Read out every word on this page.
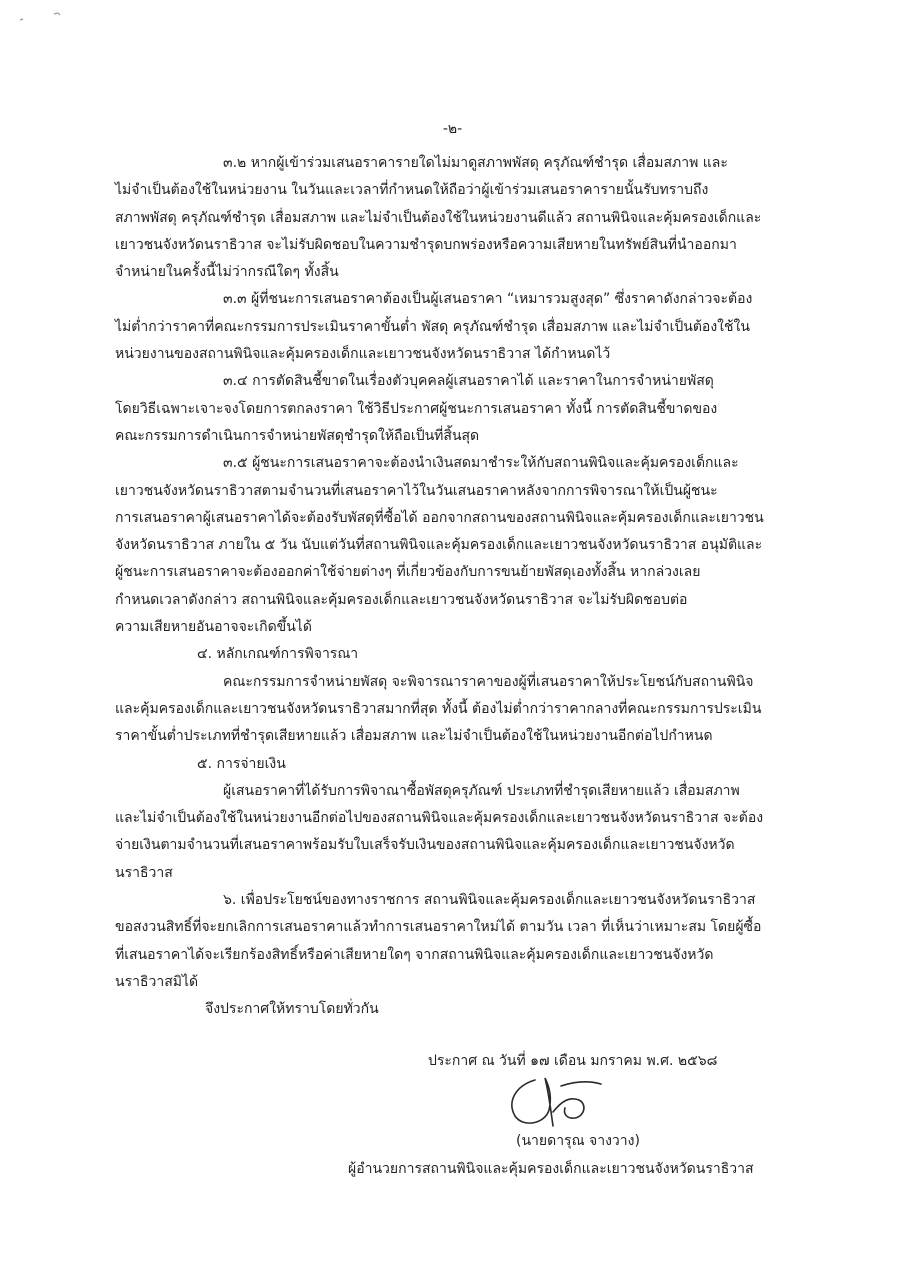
-๒-
๓.๒ หากผู้เข้าร่วมเสนอราคารายใดไม่มาดูสภาพพัสดุ ครุภัณฑ์ชำรุด เสื่อมสภาพ และ
ไม่จำเป็นต้องใช้ในหน่วยงาน ในวันและเวลาที่กำหนดให้ถือว่าผู้เข้าร่วมเสนอราคารายนั้นรับทราบถึง
สภาพพัสดุ ครุภัณฑ์ชำรุด เสื่อมสภาพ และไม่จำเป็นต้องใช้ในหน่วยงานดีแล้ว สถานพินิจและคุ้มครองเด็กและ
เยาวชนจังหวัดนราธิวาส จะไม่รับผิดชอบในความชำรุดบกพร่องหรือความเสียหายในทรัพย์สินที่นำออกมา
จำหน่ายในครั้งนี้ไม่ว่ากรณีใดๆ ทั้งสิ้น
๓.๓ ผู้ที่ชนะการเสนอราคาต้องเป็นผู้เสนอราคา “เหมารวมสูงสุด” ซึ่งราคาดังกล่าวจะต้อง
ไม่ต่ำกว่าราคาที่คณะกรรมการประเมินราคาขั้นต่ำ พัสดุ ครุภัณฑ์ชำรุด เสื่อมสภาพ และไม่จำเป็นต้องใช้ใน
หน่วยงานของสถานพินิจและคุ้มครองเด็กและเยาวชนจังหวัดนราธิวาส ได้กำหนดไว้
๓.๔ การตัดสินชี้ขาดในเรื่องตัวบุคคลผู้เสนอราคาได้ และราคาในการจำหน่ายพัสดุ
โดยวิธีเฉพาะเจาะจงโดยการตกลงราคา ใช้วิธีประกาศผู้ชนะการเสนอราคา ทั้งนี้ การตัดสินชี้ขาดของ
คณะกรรมการดำเนินการจำหน่ายพัสดุชำรุดให้ถือเป็นที่สิ้นสุด
๓.๕ ผู้ชนะการเสนอราคาจะต้องนำเงินสดมาชำระให้กับสถานพินิจและคุ้มครองเด็กและ
เยาวชนจังหวัดนราธิวาสตามจำนวนที่เสนอราคาไว้ในวันเสนอราคาหลังจากการพิจารณาให้เป็นผู้ชนะ
การเสนอราคาผู้เสนอราคาได้จะต้องรับพัสดุที่ซื้อได้ ออกจากสถานของสถานพินิจและคุ้มครองเด็กและเยาวชน
จังหวัดนราธิวาส ภายใน ๕ วัน นับแต่วันที่สถานพินิจและคุ้มครองเด็กและเยาวชนจังหวัดนราธิวาส อนุมัติและ
ผู้ชนะการเสนอราคาจะต้องออกค่าใช้จ่ายต่างๆ ที่เกี่ยวข้องกับการขนย้ายพัสดุเองทั้งสิ้น หากล่วงเลย
กำหนดเวลาดังกล่าว สถานพินิจและคุ้มครองเด็กและเยาวชนจังหวัดนราธิวาส จะไม่รับผิดชอบต่อ
ความเสียหายอันอาจจะเกิดขึ้นได้
๔. หลักเกณฑ์การพิจารณา
คณะกรรมการจำหน่ายพัสดุ จะพิจารณาราคาของผู้ที่เสนอราคาให้ประโยชน์กับสถานพินิจ
และคุ้มครองเด็กและเยาวชนจังหวัดนราธิวาสมากที่สุด ทั้งนี้ ต้องไม่ต่ำกว่าราคากลางที่คณะกรรมการประเมิน
ราคาขั้นต่ำประเภทที่ชำรุดเสียหายแล้ว เสื่อมสภาพ และไม่จำเป็นต้องใช้ในหน่วยงานอีกต่อไปกำหนด
๕. การจ่ายเงิน
ผู้เสนอราคาที่ได้รับการพิจาณาซื้อพัสดุครุภัณฑ์ ประเภทที่ชำรุดเสียหายแล้ว เสื่อมสภาพ
และไม่จำเป็นต้องใช้ในหน่วยงานอีกต่อไปของสถานพินิจและคุ้มครองเด็กและเยาวชนจังหวัดนราธิวาส จะต้อง
จ่ายเงินตามจำนวนที่เสนอราคาพร้อมรับใบเสร็จรับเงินของสถานพินิจและคุ้มครองเด็กและเยาวชนจังหวัด
นราธิวาส
๖. เพื่อประโยชน์ของทางราชการ สถานพินิจและคุ้มครองเด็กและเยาวชนจังหวัดนราธิวาส
ขอสงวนสิทธิ์ที่จะยกเลิกการเสนอราคาแล้วทำการเสนอราคาใหม่ได้ ตามวัน เวลา ที่เห็นว่าเหมาะสม โดยผู้ซื้อ
ที่เสนอราคาได้จะเรียกร้องสิทธิ์หรือค่าเสียหายใดๆ จากสถานพินิจและคุ้มครองเด็กและเยาวชนจังหวัด
นราธิวาสมิได้
จึงประกาศให้ทราบโดยทั่วกัน
ประกาศ ณ วันที่ ๑๗ เดือน มกราคม พ.ศ. ๒๕๖๘
(นายดารุณ จางวาง)
ผู้อำนวยการสถานพินิจและคุ้มครองเด็กและเยาวชนจังหวัดนราธิวาส
